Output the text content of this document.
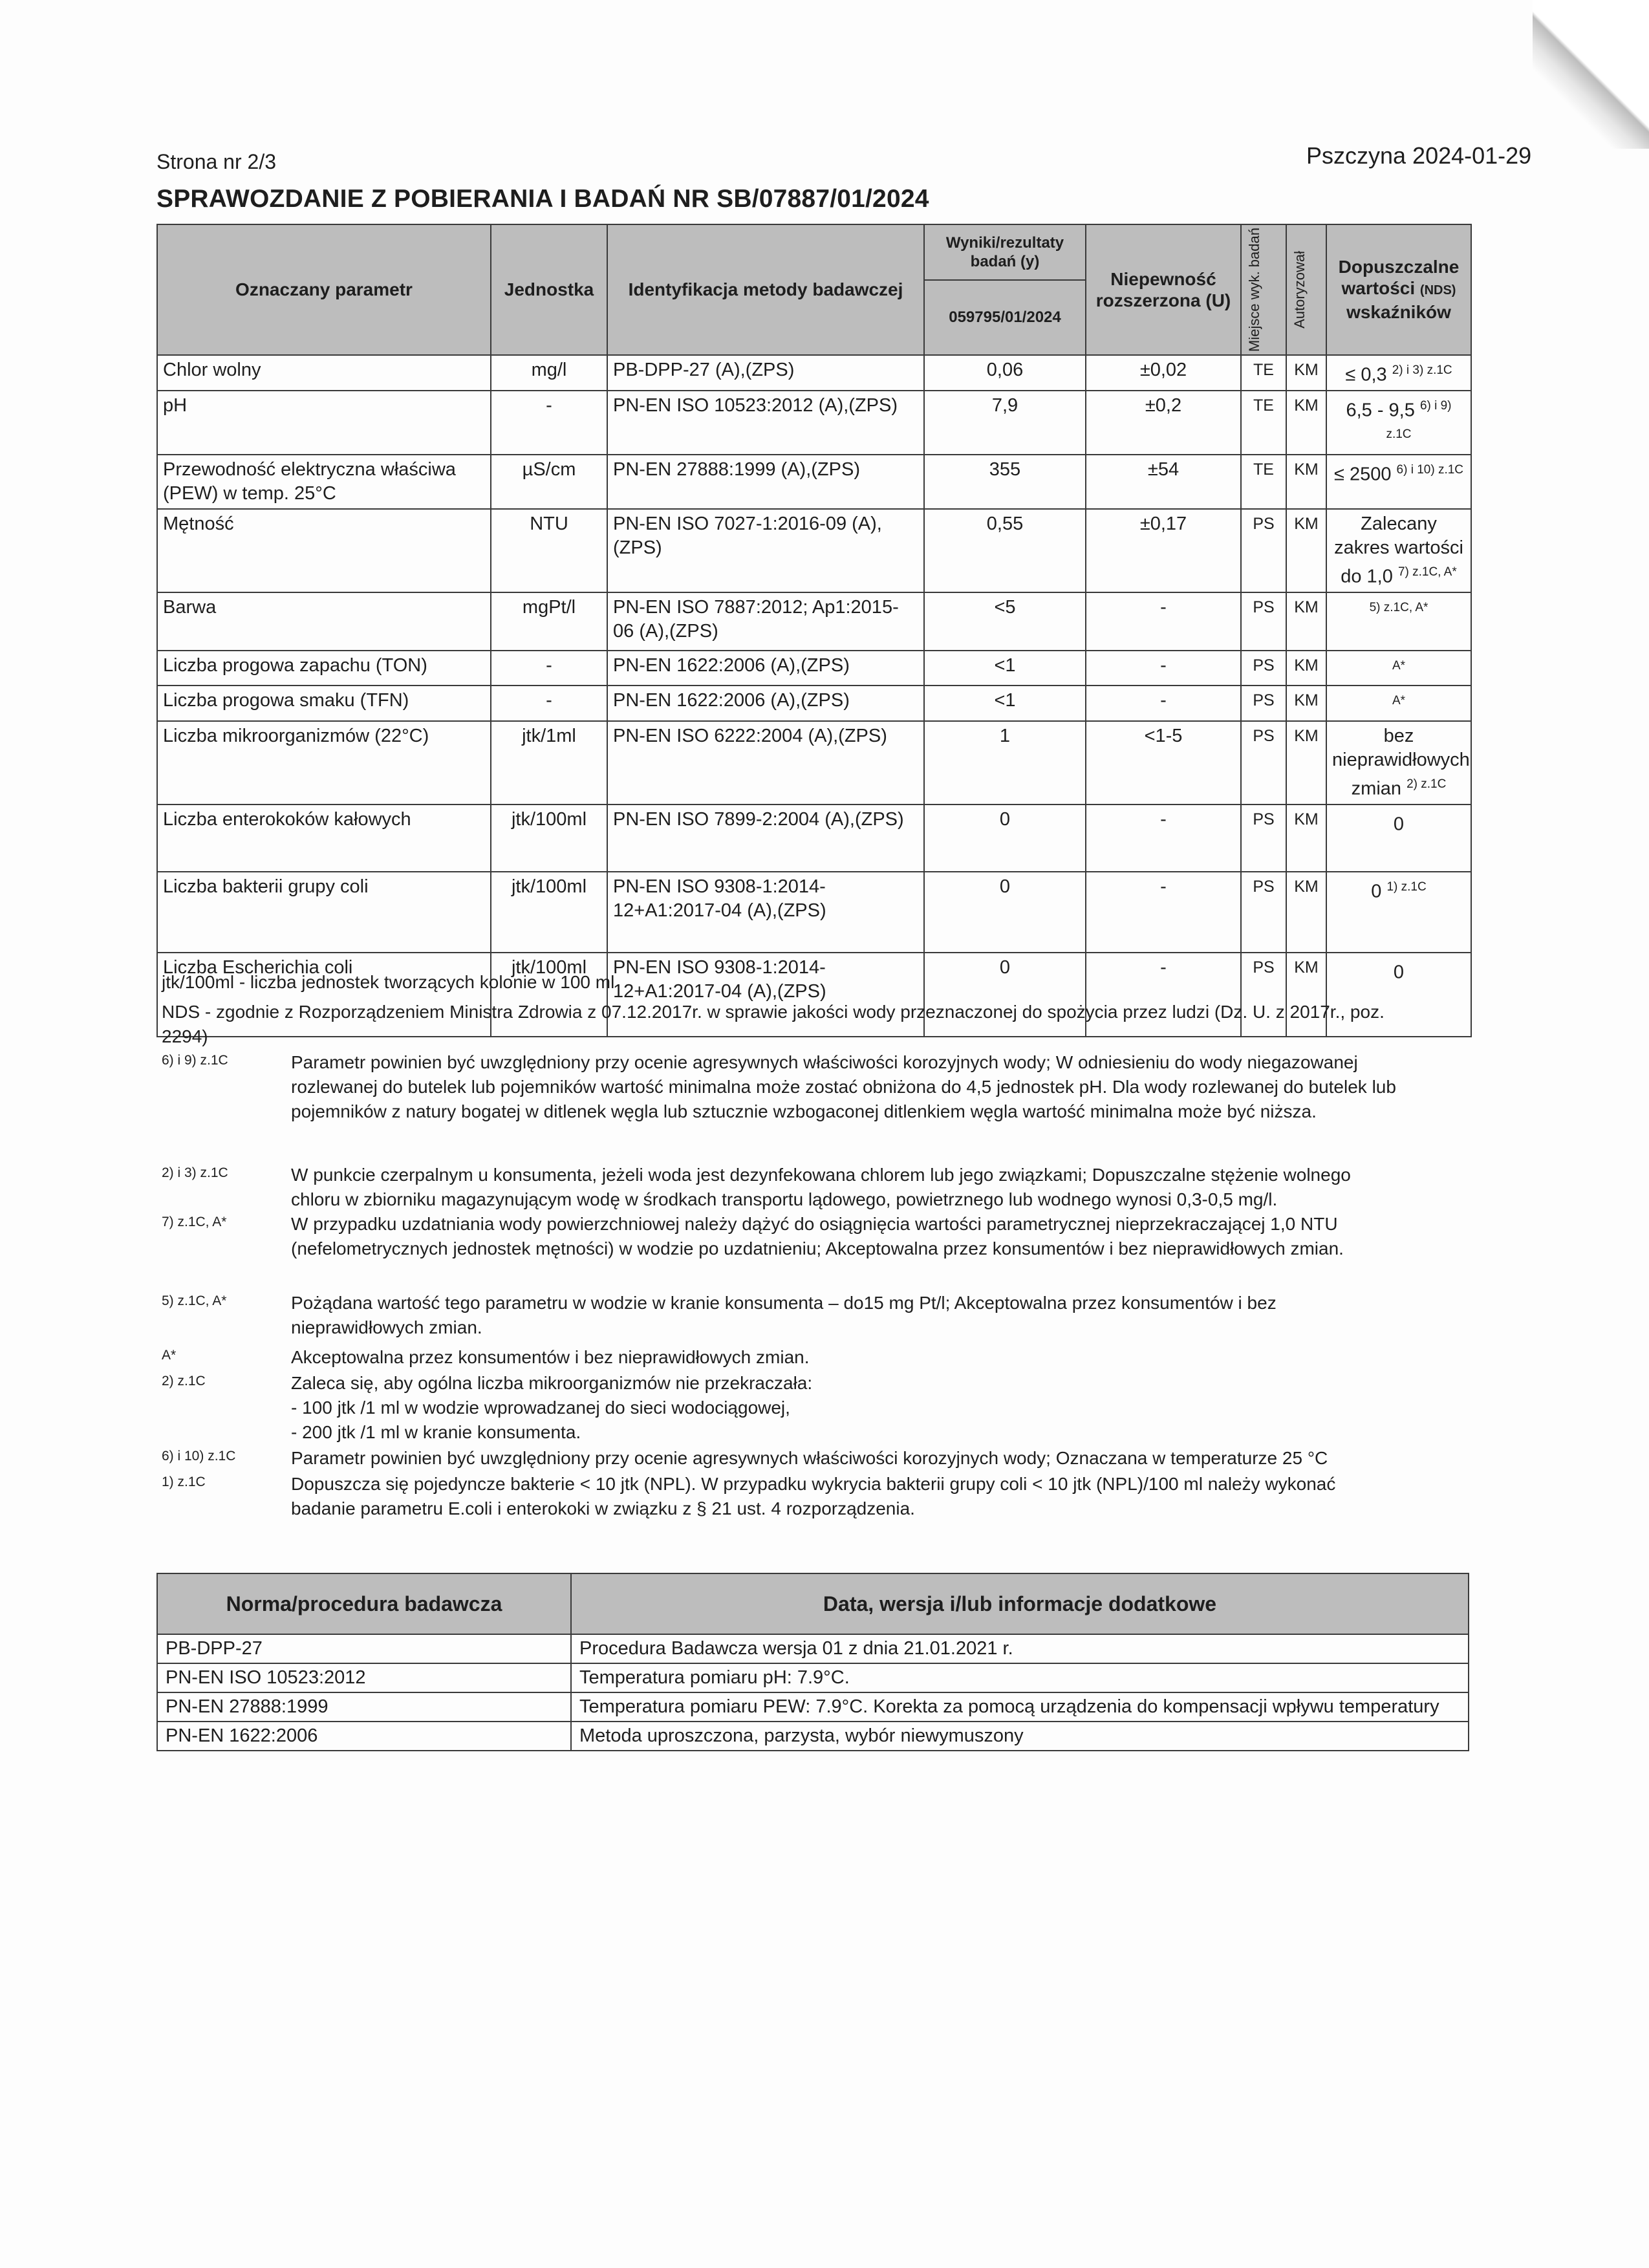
Strona nr 2/3	Pszczyna 2024-01-29
SPRAWOZDANIE Z POBIERANIA I BADAŃ NR SB/07887/01/2024
Oznaczany parametr	Jednostka	Identyfikacja metody badawczej	Wyniki/rezultaty badań (y)	Niepewność rozszerzona (U)	Miejsce wyk. badań	Autoryzował	Dopuszczalne wartości (NDS)
wskaźników
			059795/01/2024				
Chlor wolny	mg/l	PB-DPP-27 (A),(ZPS)	0,06	±0,02	TE	KM	≤ 0,3 $^{2) i 3) z.1C}$
pH	-	PN-EN ISO 10523:2012 (A),(ZPS)	7,9	±0,2	TE	KM	6,5 - 9,5 $^{6) i 9) z.1C}$
Przewodność elektryczna właściwa (PEW) w temp. 25°C	µS/cm	PN-EN 27888:1999 (A),(ZPS)	355	±54	TE	KM	≤ 2500 $^{6) i 10) z.1C}$
Mętność	NTU	PN-EN ISO 7027-1:2016-09 (A),(ZPS)	0,55	±0,17	PS	KM	Zalecany zakres wartości do 1,0 $^{7) z.1C, A*}$
Barwa	mgPt/l	PN-EN ISO 7887:2012; Ap1:2015-06 (A),(ZPS)	<5	-	PS	KM	$^{5) z.1C, A*}$
Liczba progowa zapachu (TON)	-	PN-EN 1622:2006 (A),(ZPS)	<1	-	PS	KM	$^{A*}$
Liczba progowa smaku (TFN)	-	PN-EN 1622:2006 (A),(ZPS)	<1	-	PS	KM	$^{A*}$
Liczba mikroorganizmów (22°C)	jtk/1ml	PN-EN ISO 6222:2004 (A),(ZPS)	1	<1-5	PS	KM	bez nieprawidłowych zmian $^{2) z.1C}$
Liczba enterokoków kałowych	jtk/100ml	PN-EN ISO 7899-2:2004 (A),(ZPS)	0	-	PS	KM	0
Liczba bakterii grupy coli	jtk/100ml	PN-EN ISO 9308-1:2014-12+A1:2017-04 (A),(ZPS)	0	-	PS	KM	0 $^{1) z.1C}$
Liczba Escherichia coli	jtk/100ml	PN-EN ISO 9308-1:2014-12+A1:2017-04 (A),(ZPS)	0	-	PS	KM	0
jtk/100ml - liczba jednostek tworzących kolonie w 100 ml
NDS - zgodnie z Rozporządzeniem Ministra Zdrowia z 07.12.2017r. w sprawie jakości wody przeznaczonej do spożycia przez ludzi (Dz. U. z 2017r., poz. 2294)
6) i 9) z.1C	Parametr powinien być uwzględniony przy ocenie agresywnych właściwości korozyjnych wody; W odniesieniu do wody niegazowanej rozlewanej do butelek lub pojemników wartość minimalna może zostać obniżona do 4,5 jednostek pH. Dla wody rozlewanej do butelek lub pojemników z natury bogatej w ditlenek węgla lub sztucznie wzbogaconej ditlenkiem węgla wartość minimalna może być niższa.
2) i 3) z.1C	W punkcie czerpalnym u konsumenta, jeżeli woda jest dezynfekowana chlorem lub jego związkami; Dopuszczalne stężenie wolnego chloru w zbiorniku magazynującym wodę w środkach transportu lądowego, powietrznego lub wodnego wynosi 0,3-0,5 mg/l.
7) z.1C, A*	W przypadku uzdatniania wody powierzchniowej należy dążyć do osiągnięcia wartości parametrycznej nieprzekraczającej 1,0 NTU (nefelometrycznych jednostek mętności) w wodzie po uzdatnieniu; Akceptowalna przez konsumentów i bez nieprawidłowych zmian.
5) z.1C, A*	Pożądana wartość tego parametru w wodzie w kranie konsumenta – do15 mg Pt/l; Akceptowalna przez konsumentów i bez nieprawidłowych zmian.
A*	Akceptowalna przez konsumentów i bez nieprawidłowych zmian.
2) z.1C	Zaleca się, aby ogólna liczba mikroorganizmów nie przekraczała:
- 100 jtk /1 ml w wodzie wprowadzanej do sieci wodociągowej,
- 200 jtk /1 ml w kranie konsumenta.
6) i 10) z.1C	Parametr powinien być uwzględniony przy ocenie agresywnych właściwości korozyjnych wody; Oznaczana w temperaturze 25 °C
1) z.1C	Dopuszcza się pojedyncze bakterie < 10 jtk (NPL). W przypadku wykrycia bakterii grupy coli < 10 jtk (NPL)/100 ml należy wykonać badanie parametru E.coli i enterokoki w związku z § 21 ust. 4 rozporządzenia.
Norma/procedura badawcza	Data, wersja i/lub informacje dodatkowe
PB-DPP-27	Procedura Badawcza wersja 01 z dnia 21.01.2021 r.
PN-EN ISO 10523:2012	Temperatura pomiaru pH: 7.9°C.
PN-EN 27888:1999	Temperatura pomiaru PEW: 7.9°C. Korekta za pomocą urządzenia do kompensacji wpływu temperatury
PN-EN 1622:2006	Metoda uproszczona, parzysta, wybór niewymuszony
